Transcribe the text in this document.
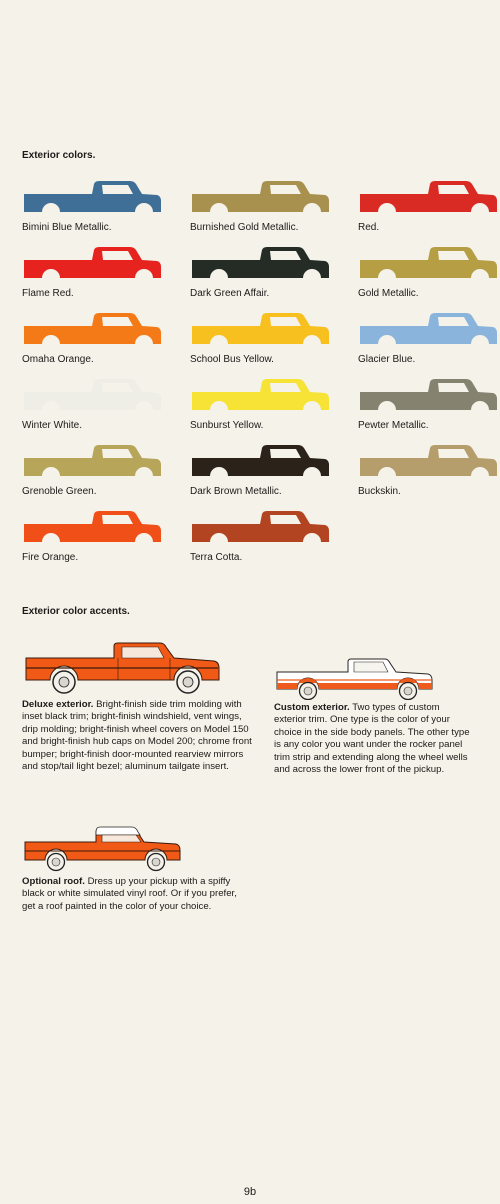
Exterior colors.
Bimini Blue Metallic.
Flame Red.
Omaha Orange.
Winter White.
Grenoble Green.
Fire Orange.
Burnished Gold Metallic.
Dark Green Affair.
School Bus Yellow.
Sunburst Yellow.
Dark Brown Metallic.
Terra Cotta.
Red.
Gold Metallic.
Glacier Blue.
Pewter Metallic.
Buckskin.
Exterior color accents.

Deluxe exterior. Bright-finish side trim molding with inset black trim; bright-finish windshield, vent wings, drip molding; bright-finish wheel covers on Model 150 and bright-finish hub caps on Model 200; chrome front bumper; bright-finish door-mounted rearview mirrors and stop/tail light bezel; aluminum tailgate insert.

Custom exterior. Two types of custom exterior trim. One type is the color of your choice in the side body panels. The other type is any color you want under the rocker panel trim strip and extending along the wheel wells and across the lower front of the pickup.

Optional roof. Dress up your pickup with a spiffy black or white simulated vinyl roof. Or if you prefer, get a roof painted in the color of your choice.

9b
